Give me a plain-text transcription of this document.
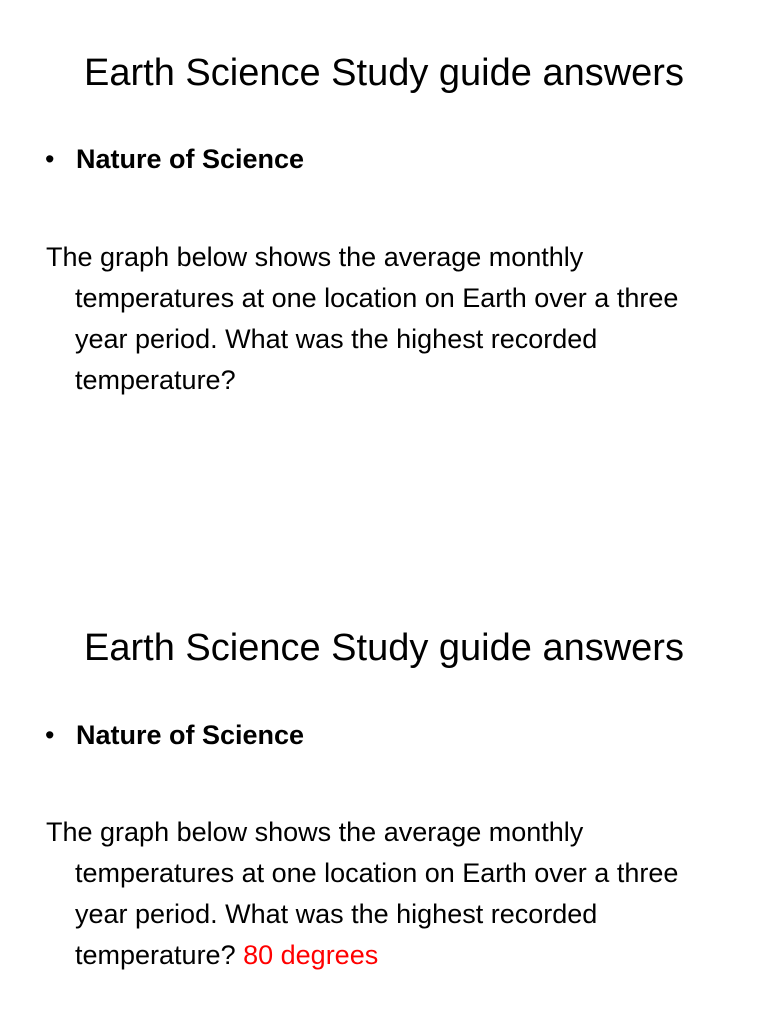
Earth Science Study guide answers
• Nature of Science
The graph below shows the average monthly temperatures at one location on Earth over a three year period. What was the highest recorded temperature?
Earth Science Study guide answers
• Nature of Science
The graph below shows the average monthly temperatures at one location on Earth over a three year period. What was the highest recorded temperature? 80 degrees
